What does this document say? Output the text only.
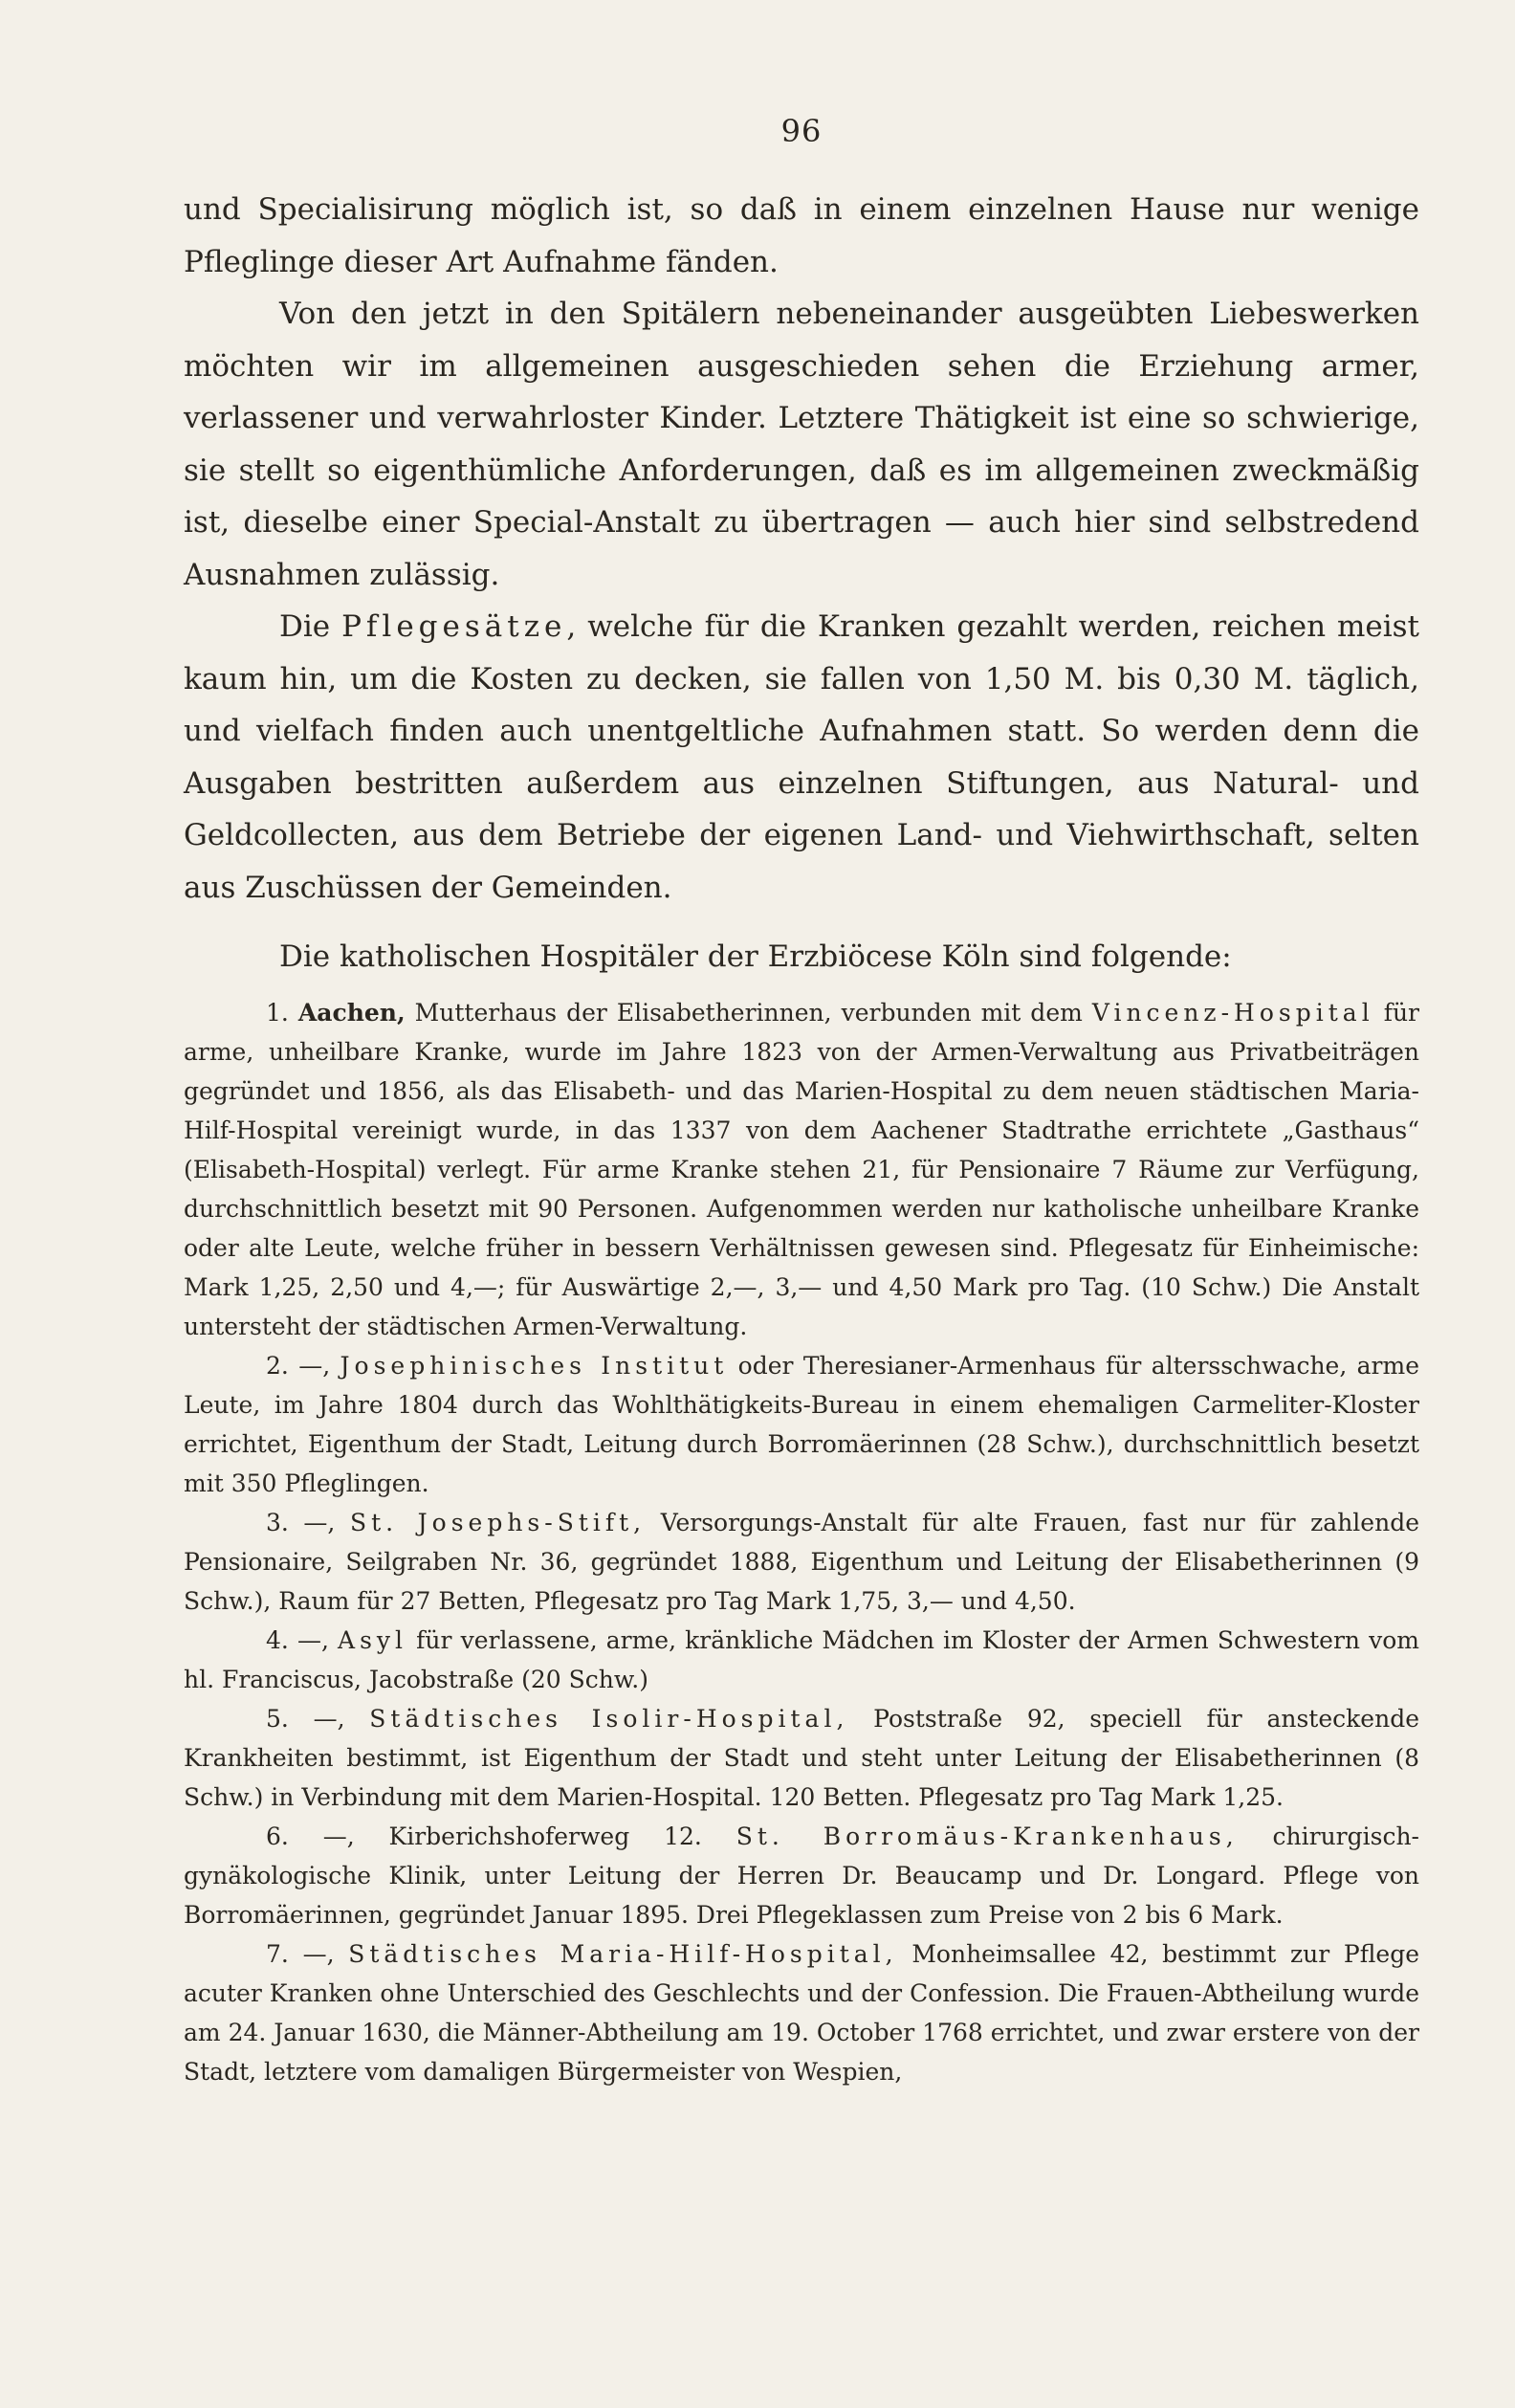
96

und Specialisirung möglich ist, so daß in einem einzelnen Hause nur wenige Pfleglinge dieser Art Aufnahme fänden.

Von den jetzt in den Spitälern nebeneinander ausgeübten Liebeswerken möchten wir im allgemeinen ausgeschieden sehen die Erziehung armer, verlassener und verwahrloster Kinder. Letztere Thätigkeit ist eine so schwierige, sie stellt so eigenthümliche Anforderungen, daß es im allgemeinen zweckmäßig ist, dieselbe einer Special-Anstalt zu übertragen — auch hier sind selbstredend Ausnahmen zulässig.

Die Pflegesätze, welche für die Kranken gezahlt werden, reichen meist kaum hin, um die Kosten zu decken, sie fallen von 1,50 M. bis 0,30 M. täglich, und vielfach finden auch unentgeltliche Aufnahmen statt. So werden denn die Ausgaben bestritten außerdem aus einzelnen Stiftungen, aus Natural- und Geldcollecten, aus dem Betriebe der eigenen Land- und Viehwirthschaft, selten aus Zuschüssen der Gemeinden.

Die katholischen Hospitäler der Erzbiöcese Köln sind folgende:

1. Aachen, Mutterhaus der Elisabetherinnen, verbunden mit dem Vincenz-Hospital für arme, unheilbare Kranke, wurde im Jahre 1823 von der Armen-Verwaltung aus Privatbeiträgen gegründet und 1856, als das Elisabeth- und das Marien-Hospital zu dem neuen städtischen Maria-Hilf-Hospital vereinigt wurde, in das 1337 von dem Aachener Stadtrathe errichtete „Gasthaus“ (Elisabeth-Hospital) verlegt. Für arme Kranke stehen 21, für Pensionaire 7 Räume zur Verfügung, durchschnittlich besetzt mit 90 Personen. Aufgenommen werden nur katholische unheilbare Kranke oder alte Leute, welche früher in bessern Verhältnissen gewesen sind. Pflegesatz für Einheimische: Mark 1,25, 2,50 und 4,—; für Auswärtige 2,—, 3,— und 4,50 Mark pro Tag. (10 Schw.) Die Anstalt untersteht der städtischen Armen-Verwaltung.

2. —, Josephinisches Institut oder Theresianer-Armenhaus für altersschwache, arme Leute, im Jahre 1804 durch das Wohlthätigkeits-Bureau in einem ehemaligen Carmeliter-Kloster errichtet, Eigenthum der Stadt, Leitung durch Borromäerinnen (28 Schw.), durchschnittlich besetzt mit 350 Pfleglingen.

3. —, St. Josephs-Stift, Versorgungs-Anstalt für alte Frauen, fast nur für zahlende Pensionaire, Seilgraben Nr. 36, gegründet 1888, Eigenthum und Leitung der Elisabetherinnen (9 Schw.), Raum für 27 Betten, Pflegesatz pro Tag Mark 1,75, 3,— und 4,50.

4. —, Asyl für verlassene, arme, kränkliche Mädchen im Kloster der Armen Schwestern vom hl. Franciscus, Jacobstraße (20 Schw.)

5. —, Städtisches Isolir-Hospital, Poststraße 92, speciell für ansteckende Krankheiten bestimmt, ist Eigenthum der Stadt und steht unter Leitung der Elisabetherinnen (8 Schw.) in Verbindung mit dem Marien-Hospital. 120 Betten. Pflegesatz pro Tag Mark 1,25.

6. —, Kirberichshoferweg 12. St. Borromäus-Krankenhaus, chirurgisch-gynäkologische Klinik, unter Leitung der Herren Dr. Beaucamp und Dr. Longard. Pflege von Borromäerinnen, gegründet Januar 1895. Drei Pflegeklassen zum Preise von 2 bis 6 Mark.

7. —, Städtisches Maria-Hilf-Hospital, Monheimsallee 42, bestimmt zur Pflege acuter Kranken ohne Unterschied des Geschlechts und der Confession. Die Frauen-Abtheilung wurde am 24. Januar 1630, die Männer-Abtheilung am 19. October 1768 errichtet, und zwar erstere von der Stadt, letztere vom damaligen Bürgermeister von Wespien,
